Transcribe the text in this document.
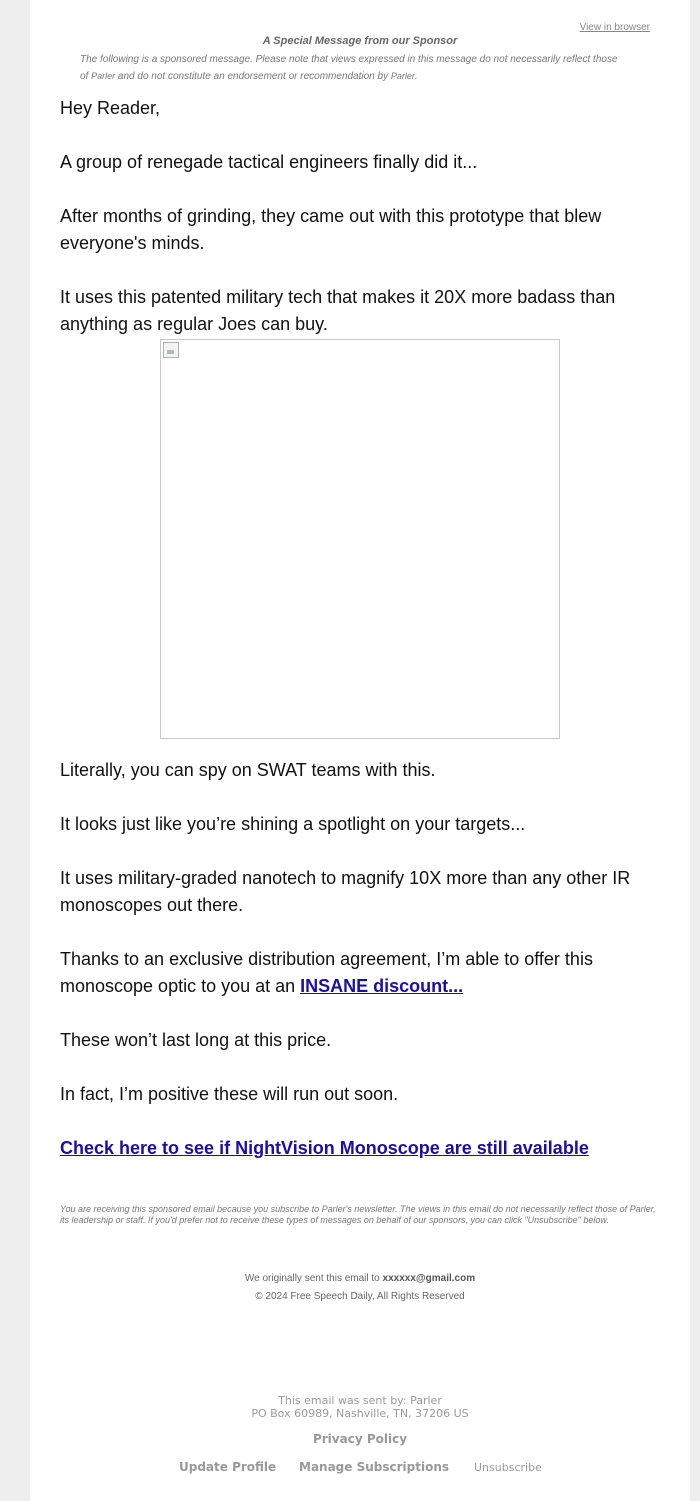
View in browser
A Special Message from our Sponsor
The following is a sponsored message. Please note that views expressed in this message do not necessarily reflect those of Parler and do not constitute an endorsement or recommendation by Parler.
Hey Reader,
A group of renegade tactical engineers finally did it...
After months of grinding, they came out with this prototype that blew everyone's minds.
It uses this patented military tech that makes it 20X more badass than anything as regular Joes can buy.
Literally, you can spy on SWAT teams with this.
It looks just like you’re shining a spotlight on your targets...
It uses military-graded nanotech to magnify 10X more than any other IR monoscopes out there.
Thanks to an exclusive distribution agreement, I’m able to offer this monoscope optic to you at an INSANE discount...
These won’t last long at this price.
In fact, I’m positive these will run out soon.
Check here to see if NightVision Monoscope are still available
You are receiving this sponsored email because you subscribe to Parler's newsletter. The views in this email do not necessarily reflect those of Parler, its leadership or staff. If you'd prefer not to receive these types of messages on behalf of our sponsors, you can click "Unsubscribe" below.
We originally sent this email to xxxxxx@gmail.com
© 2024 Free Speech Daily, All Rights Reserved
This email was sent by: Parler
PO Box 60989, Nashville, TN, 37206 US
Privacy Policy
Update Profile Manage Subscriptions Unsubscribe
